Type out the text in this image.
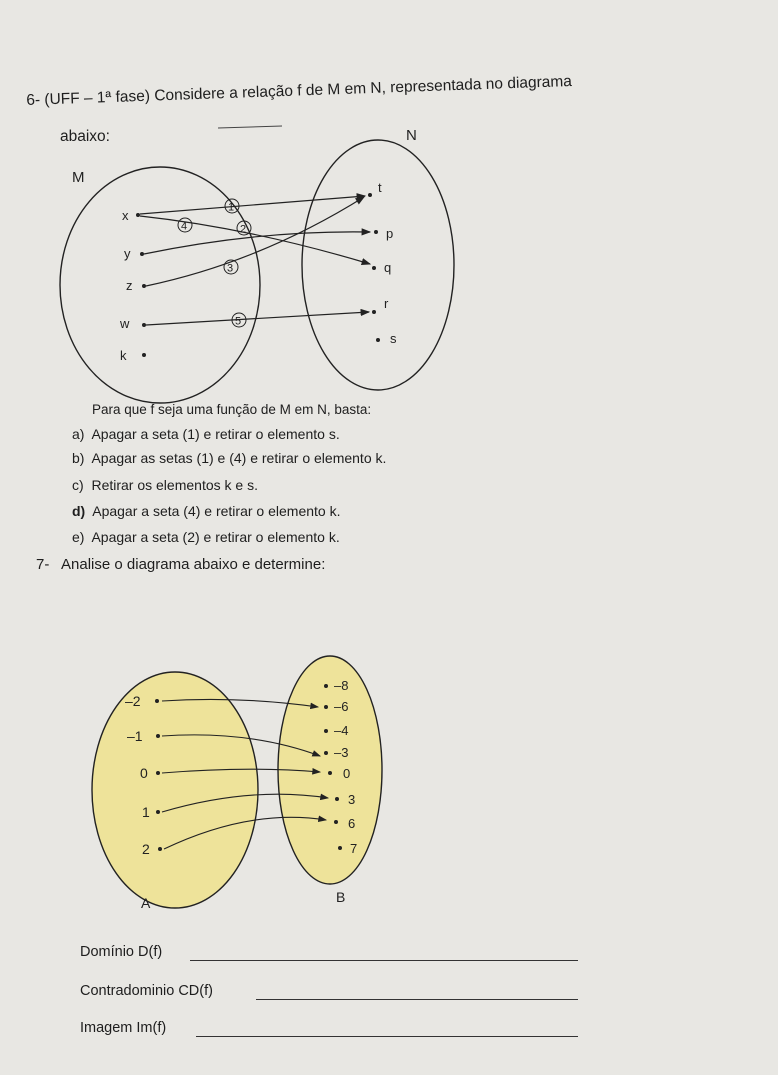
6- (UFF – 1ª fase) Considere a relação f de M em N, representada no diagrama
abaixo:
M
N
x
y
z
w
k
t
p
q
r
s
1
2
3
4
5
A	B
–2
–1
0
1
2
–8
–6
–4
–3
0
3
6
7
Para que f seja uma função de M em N, basta:
a) Apagar a seta (1) e retirar o elemento s.
b) Apagar as setas (1) e (4) e retirar o elemento k.
c) Retirar os elementos k e s.
d) Apagar a seta (4) e retirar o elemento k.
e) Apagar a seta (2) e retirar o elemento k.
7- Analise o diagrama abaixo e determine:
Domínio D(f)
Contradominio CD(f)
Imagem Im(f)
